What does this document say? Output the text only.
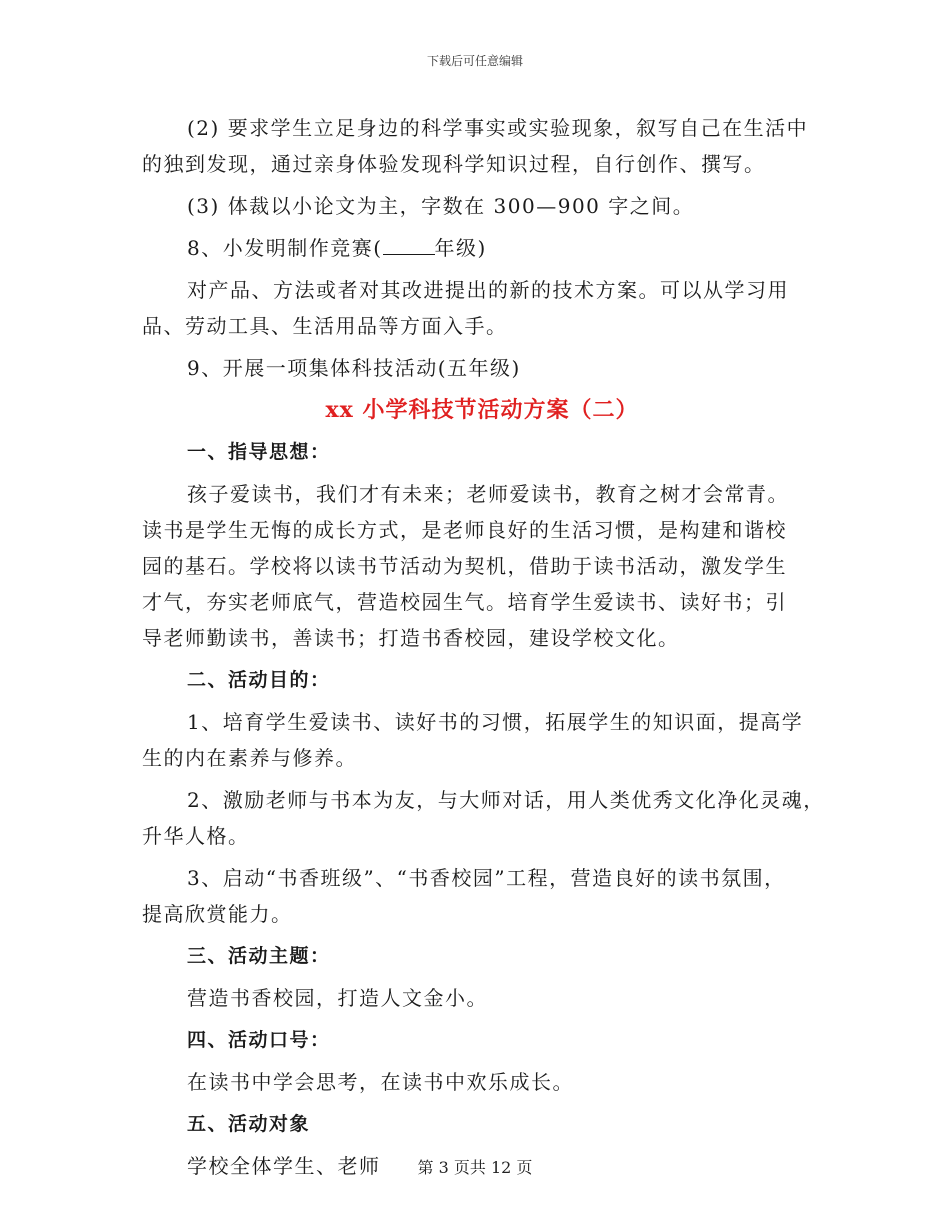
下载后可任意编辑
(2) 要求学生立足身边的科学事实或实验现象，叙写自己在生活中
的独到发现，通过亲身体验发现科学知识过程，自行创作、撰写。
(3) 体裁以小论文为主，字数在 300—900 字之间。
8、小发明制作竞赛(	年级)
对产品、方法或者对其改进提出的新的技术方案。可以从学习用
品、劳动工具、生活用品等方面入手。
9、开展一项集体科技活动(五年级)
xx 小学科技节活动方案（二）
一、指导思想：
孩子爱读书，我们才有未来；老师爱读书，教育之树才会常青。
读书是学生无悔的成长方式，是老师良好的生活习惯，是构建和谐校
园的基石。学校将以读书节活动为契机，借助于读书活动，激发学生
才气，夯实老师底气，营造校园生气。培育学生爱读书、读好书；引
导老师勤读书，善读书；打造书香校园，建设学校文化。
二、活动目的：
1、培育学生爱读书、读好书的习惯，拓展学生的知识面，提高学
生的内在素养与修养。
2、激励老师与书本为友，与大师对话，用人类优秀文化净化灵魂，
升华人格。
3、启动“书香班级”、“书香校园”工程，营造良好的读书氛围，
提高欣赏能力。
三、活动主题：
营造书香校园，打造人文金小。
四、活动口号：
在读书中学会思考，在读书中欢乐成长。
五、活动对象
学校全体学生、老师	第 3 页共 12 页
